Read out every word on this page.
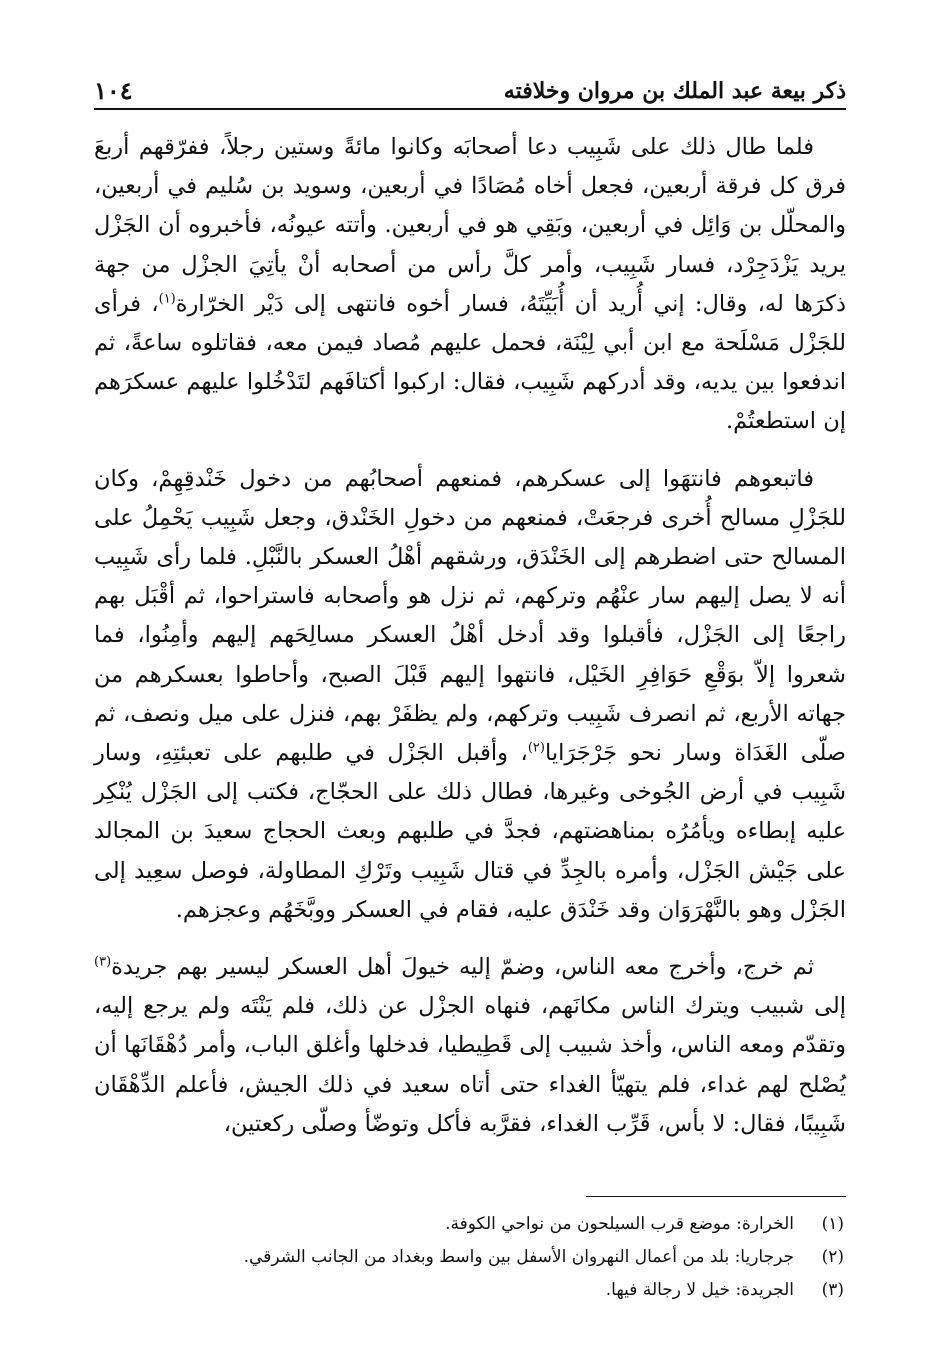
ذكر بيعة عبد الملك بن مروان وخلافته
١٠٤

فلما طال ذلك على شَبِيب دعا أصحابَه وكانوا مائةً وستين رجلاً، ففرّقهم أربعَ فرق كل فرقة أربعين، فجعل أخاه مُصَادًا في أربعين، وسويد بن سُليم في أربعين، والمحلّل بن وَائِل في أربعين، وبَقِي هو في أربعين. وأتته عيونُه، فأخبروه أن الجَزْل يريد يَزْدَجِرْد، فسار شَبِيب، وأمر كلَّ رأس من أصحابه أنْ يأتِيَ الجزْل من جهة ذكرَها له، وقال: إني أُريد أن أُبَيِّتَهُ، فسار أخوه فانتهى إلى دَيْر الخرّارة$^{(١)}$، فرأى للجَزْل مَسْلَحة مع ابن أبي لِيْنَة، فحمل عليهم مُصاد فيمن معه، فقاتلوه ساعةً، ثم اندفعوا بين يديه، وقد أدركهم شَبِيب، فقال: اركبوا أكتافَهم لتَدْخُلوا عليهم عسكرَهم إن استطعتُمْ.

فاتبعوهم فانتهَوا إلى عسكرهم، فمنعهم أصحابُهم من دخول خَنْدقِهِمْ، وكان للجَزْلِ مسالح أُخرى فرجعَتْ، فمنعهم من دخولِ الخَنْدق، وجعل شَبِيب يَحْمِلُ على المسالح حتى اضطرهم إلى الخَنْدَق، ورشقهم أهْلُ العسكر بالنَّبْلِ. فلما رأى شَبِيب أنه لا يصل إليهم سار عنْهُم وتركهم، ثم نزل هو وأصحابه فاستراحوا، ثم أقْبَل بهم راجعًا إلى الجَزْل، فأقبلوا وقد أدخل أهْلُ العسكر مسالِحَهم إليهم وأمِنُوا، فما شعروا إلاّ بوَقْعِ حَوَافِرِ الخَيْل، فانتهوا إليهم قَبْلَ الصبح، وأحاطوا بعسكرهم من جهاته الأربع، ثم انصرف شَبِيب وتركهم، ولم يظفَرْ بهم، فنزل على ميل ونصف، ثم صلّى الغَدَاة وسار نحو جَرْجَرَايا$^{(٢)}$، وأقبل الجَزْل في طلبهم على تعبئتِهِ، وسار شَبِيب في أرض الجُوخى وغيرها، فطال ذلك على الحجّاج، فكتب إلى الجَزْل يُنْكِر عليه إبطاءه ويأمُرُه بمناهضتهم، فجدَّ في طلبهم وبعث الحجاج سعيدَ بن المجالد على جَيْش الجَزْل، وأمره بالجِدِّ في قتال شَبِيب وتَرْكِ المطاولة، فوصل سعِيد إلى الجَزْل وهو بالنَّهْرَوَان وقد خَنْدَق عليه، فقام في العسكر ووبَّخَهُم وعجزهم.

ثم خرج، وأخرج معه الناس، وضمّ إليه خيولَ أهل العسكر ليسير بهم جريدة$^{(٣)}$ إلى شبيب ويترك الناس مكانَهم، فنهاه الجزْل عن ذلك، فلم يَنْتَه ولم يرجع إليه، وتقدّم ومعه الناس، وأخذ شبيب إلى قَطِيطيا، فدخلها وأغلق الباب، وأمر دُهْقَانَها أن يُصْلح لهم غداء، فلم يتهيّأ الغداء حتى أتاه سعيد في ذلك الجيش، فأعلم الدِّهْقَان شَبِيبًا، فقال: لا بأس، قَرِّب الغداء، فقرَّبه فأكل وتوضّأ وصلّى ركعتين،

(١)
الخرارة: موضع قرب السيلحون من نواحي الكوفة.
(٢)
جرجاريا: بلد من أعمال النهروان الأسفل بين واسط وبغداد من الجانب الشرقي.
(٣)
الجريدة: خيل لا رجالة فيها.
